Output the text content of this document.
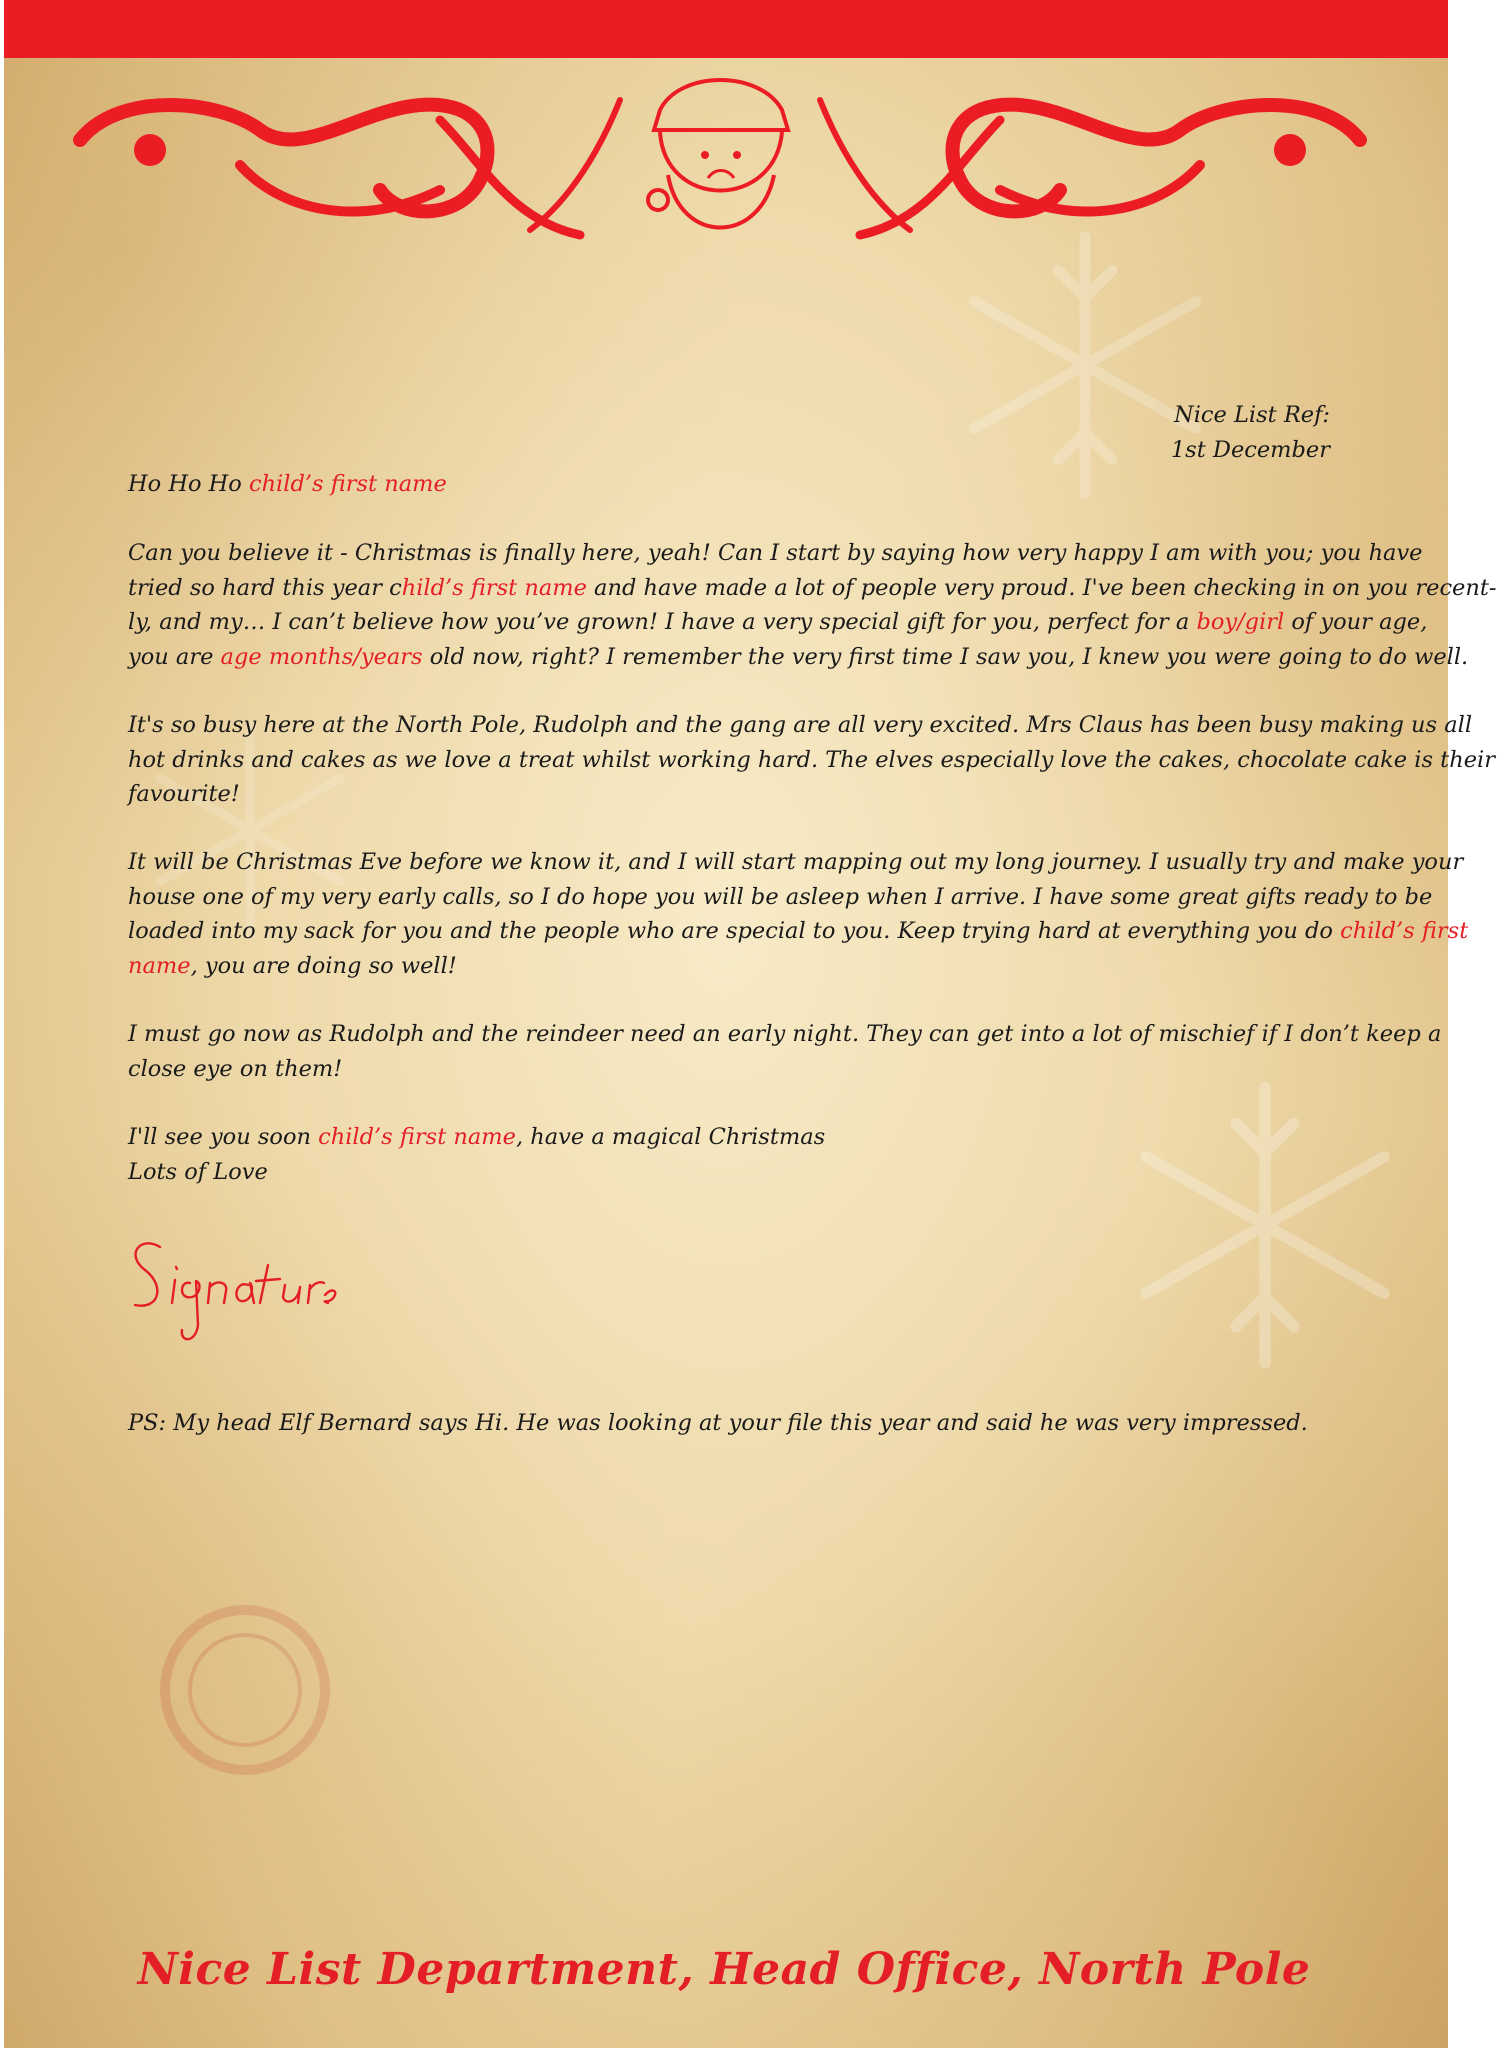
Nice List Ref:
1st December

Ho Ho Ho child’s first name

Can you believe it - Christmas is finally here, yeah! Can I start by saying how very happy I am with you; you have

tried so hard this year child’s first name and have made a lot of people very proud. I've been checking in on you recent-

ly, and my… I can’t believe how you’ve grown! I have a very special gift for you, perfect for a boy/girl of your age,

you are age months/years old now, right? I remember the very first time I saw you, I knew you were going to do well.

It's so busy here at the North Pole, Rudolph and the gang are all very excited. Mrs Claus has been busy making us all

hot drinks and cakes as we love a treat whilst working hard. The elves especially love the cakes, chocolate cake is their

favourite!

It will be Christmas Eve before we know it, and I will start mapping out my long journey. I usually try and make your

house one of my very early calls, so I do hope you will be asleep when I arrive. I have some great gifts ready to be

loaded into my sack for you and the people who are special to you. Keep trying hard at everything you do child’s first

name, you are doing so well!

I must go now as Rudolph and the reindeer need an early night. They can get into a lot of mischief if I don’t keep a

close eye on them!

I'll see you soon child’s first name, have a magical Christmas

Lots of Love

PS: My head Elf Bernard says Hi. He was looking at your file this year and said he was very impressed.

Nice List Department, Head Office, North Pole
